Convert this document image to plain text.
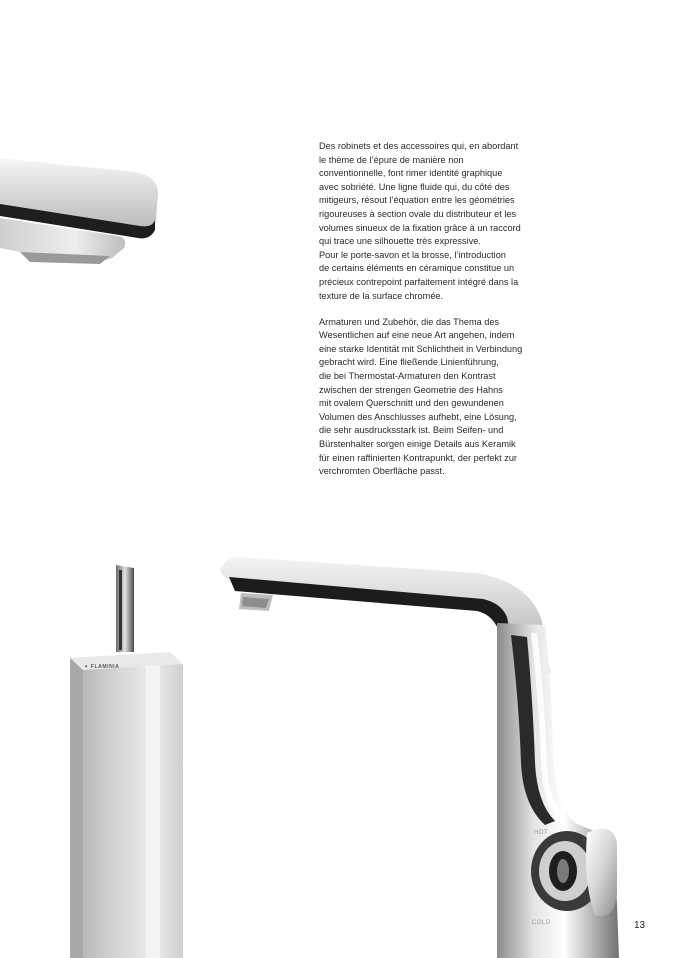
Des robinets et des accessoires qui, en abordant
le thème de l’épure de manière non
conventionnelle, font rimer identité graphique
avec sobriété. Une ligne fluide qui, du côté des
mitigeurs, résout l’équation entre les géométries
rigoureuses à section ovale du distributeur et les
volumes sinueux de la fixation grâce à un raccord
qui trace une silhouette très expressive.
Pour le porte-savon et la brosse, l’introduction
de certains éléments en céramique constitue un
précieux contrepoint parfaitement intégré dans la
texture de la surface chromée.

Armaturen und Zubehör, die das Thema des
Wesentlichen auf eine neue Art angehen, indem
eine starke Identität mit Schlichtheit in Verbindung
gebracht wird. Eine fließende Linienführung,
die bei Thermostat-Armaturen den Kontrast
zwischen der strengen Geometrie des Hahns
mit ovalem Querschnitt und den gewundenen
Volumen des Anschlusses aufhebt, eine Lösung,
die sehr ausdrucksstark ist. Beim Seifen- und
Bürstenhalter sorgen einige Details aus Keramik
für einen raffinierten Kontrapunkt, der perfekt zur
verchromten Oberfläche passt.

✦ FLAMINIA
HOT
COLD	13
